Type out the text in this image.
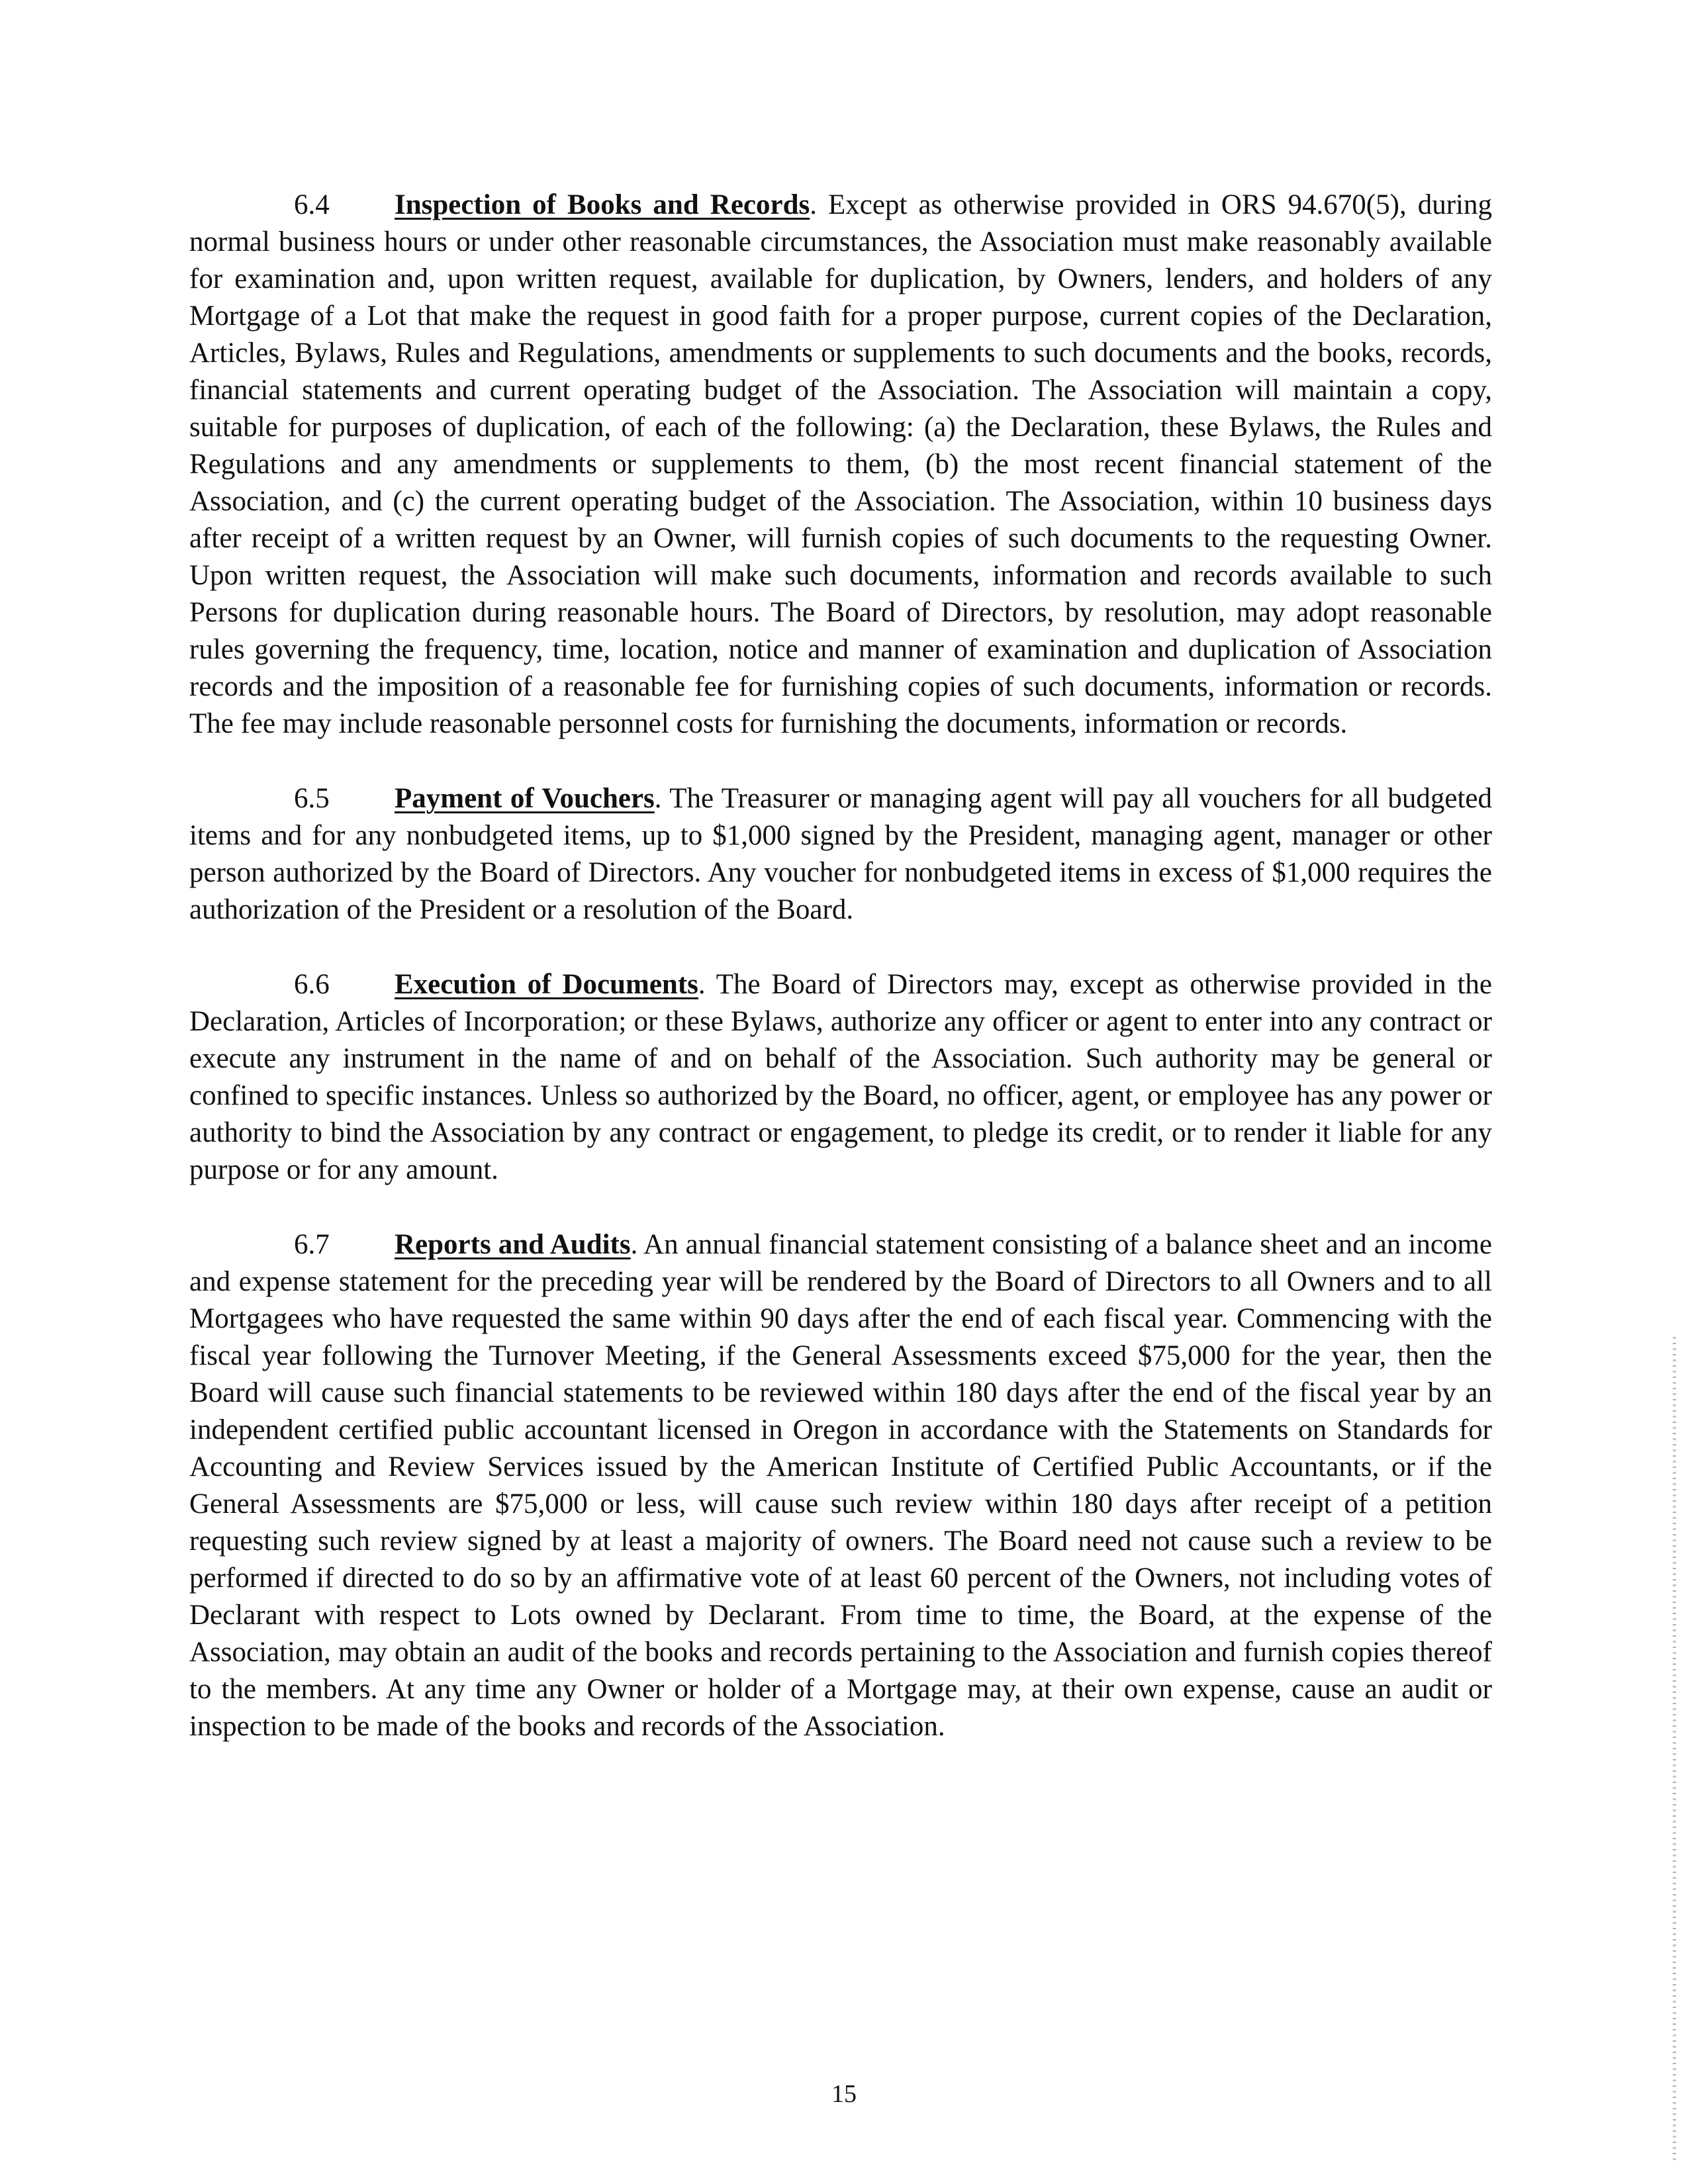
6.4 Inspection of Books and Records. Except as otherwise provided in ORS 94.670(5), during normal business hours or under other reasonable circumstances, the Association must make reasonably available for examination and, upon written request, available for duplication, by Owners, lenders, and holders of any Mortgage of a Lot that make the request in good faith for a proper purpose, current copies of the Declaration, Articles, Bylaws, Rules and Regulations, amendments or supplements to such documents and the books, records, financial statements and current operating budget of the Association. The Association will maintain a copy, suitable for purposes of duplication, of each of the following: (a) the Declaration, these Bylaws, the Rules and Regulations and any amendments or supplements to them, (b) the most recent financial statement of the Association, and (c) the current operating budget of the Association. The Association, within 10 business days after receipt of a written request by an Owner, will furnish copies of such documents to the requesting Owner. Upon written request, the Association will make such documents, information and records available to such Persons for duplication during reasonable hours. The Board of Directors, by resolution, may adopt reasonable rules governing the frequency, time, location, notice and manner of examination and duplication of Association records and the imposition of a reasonable fee for furnishing copies of such documents, information or records. The fee may include reasonable personnel costs for furnishing the documents, information or records.

6.5 Payment of Vouchers. The Treasurer or managing agent will pay all vouchers for all budgeted items and for any nonbudgeted items, up to $1,000 signed by the President, managing agent, manager or other person authorized by the Board of Directors. Any voucher for nonbudgeted items in excess of $1,000 requires the authorization of the President or a resolution of the Board.

6.6 Execution of Documents. The Board of Directors may, except as otherwise provided in the Declaration, Articles of Incorporation; or these Bylaws, authorize any officer or agent to enter into any contract or execute any instrument in the name of and on behalf of the Association. Such authority may be general or confined to specific instances. Unless so authorized by the Board, no officer, agent, or employee has any power or authority to bind the Association by any contract or engagement, to pledge its credit, or to render it liable for any purpose or for any amount.

6.7 Reports and Audits. An annual financial statement consisting of a balance sheet and an income and expense statement for the preceding year will be rendered by the Board of Directors to all Owners and to all Mortgagees who have requested the same within 90 days after the end of each fiscal year. Commencing with the fiscal year following the Turnover Meeting, if the General Assessments exceed $75,000 for the year, then the Board will cause such financial statements to be reviewed within 180 days after the end of the fiscal year by an independent certified public accountant licensed in Oregon in accordance with the Statements on Standards for Accounting and Review Services issued by the American Institute of Certified Public Accountants, or if the General Assessments are $75,000 or less, will cause such review within 180 days after receipt of a petition requesting such review signed by at least a majority of owners. The Board need not cause such a review to be performed if directed to do so by an affirmative vote of at least 60 percent of the Owners, not including votes of Declarant with respect to Lots owned by Declarant. From time to time, the Board, at the expense of the Association, may obtain an audit of the books and records pertaining to the Association and furnish copies thereof to the members. At any time any Owner or holder of a Mortgage may, at their own expense, cause an audit or inspection to be made of the books and records of the Association.

15
